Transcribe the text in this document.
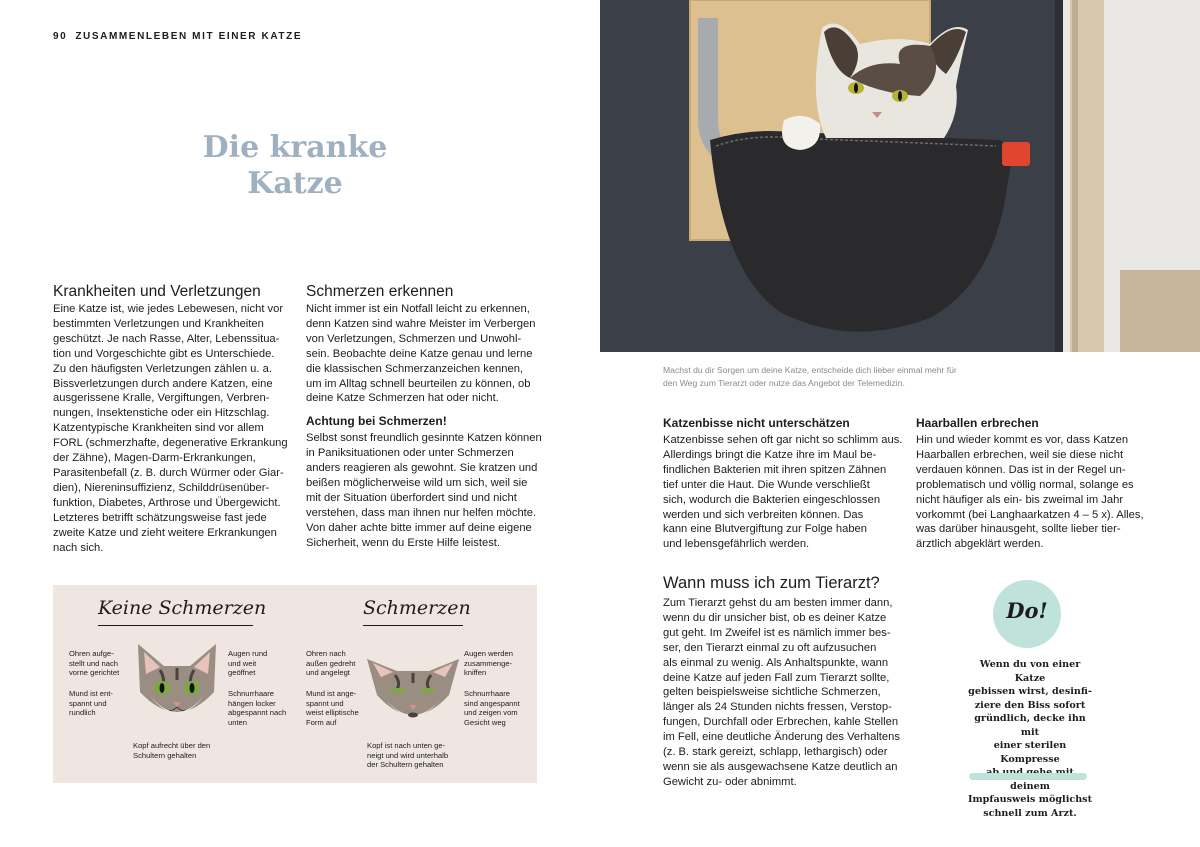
90 ZUSAMMENLEBEN MIT EINER KATZE
Die kranke Katze
Krankheiten und Verletzungen

Eine Katze ist, wie jedes Lebewesen, nicht vor
bestimmten Verletzungen und Krankheiten
geschützt. Je nach Rasse, Alter, Lebenssitua-
tion und Vorgeschichte gibt es Unterschiede.
Zu den häufigsten Verletzungen zählen u. a.
Bissverletzungen durch andere Katzen, eine
ausgerissene Kralle, Vergiftungen, Verbren-
nungen, Insektenstiche oder ein Hitzschlag.
Katzentypische Krankheiten sind vor allem
FORL (schmerzhafte, degenerative Erkrankung
der Zähne), Magen-Darm-Erkrankungen,
Parasitenbefall (z. B. durch Würmer oder Giar-
dien), Niereninsuffizienz, Schilddrüsenüber-
funktion, Diabetes, Arthrose und Übergewicht.
Letzteres betrifft schätzungsweise fast jede
zweite Katze und zieht weitere Erkrankungen
nach sich.

Schmerzen erkennen

Nicht immer ist ein Notfall leicht zu erkennen,
denn Katzen sind wahre Meister im Verbergen
von Verletzungen, Schmerzen und Unwohl-
sein. Beobachte deine Katze genau und lerne
die klassischen Schmerzanzeichen kennen,
um im Alltag schnell beurteilen zu können, ob
deine Katze Schmerzen hat oder nicht.

Achtung bei Schmerzen!

Selbst sonst freundlich gesinnte Katzen können
in Paniksituationen oder unter Schmerzen
anders reagieren als gewohnt. Sie kratzen und
beißen möglicherweise wild um sich, weil sie
mit der Situation überfordert sind und nicht
verstehen, dass man ihnen nur helfen möchte.
Von daher achte bitte immer auf deine eigene
Sicherheit, wenn du Erste Hilfe leistest.

Keine Schmerzen
Ohren aufge-
stellt und nach
vorne gerichtet
Mund ist ent-
spannt und
rundlich
Augen rund
und weit
geöffnet
Schnurrhaare
hängen locker
abgespannt nach
unten
Kopf aufrecht über den
Schultern gehalten
Schmerzen
Ohren nach
außen gedreht
und angelegt
Mund ist ange-
spannt und
weist elliptische
Form auf
Augen werden
zusammenge-
kniffen
Schnurrhaare
sind angespannt
und zeigen vom
Gesicht weg
Kopf ist nach unten ge-
neigt und wird unterhalb
der Schultern gehalten
Machst du dir Sorgen um deine Katze, entscheide dich lieber einmal mehr für
den Weg zum Tierarzt oder nutze das Angebot der Telemedizin.
Katzenbisse nicht unterschätzen

Katzenbisse sehen oft gar nicht so schlimm aus.
Allerdings bringt die Katze ihre im Maul be-
findlichen Bakterien mit ihren spitzen Zähnen
tief unter die Haut. Die Wunde verschließt
sich, wodurch die Bakterien eingeschlossen
werden und sich verbreiten können. Das
kann eine Blutvergiftung zur Folge haben
und lebensgefährlich werden.

Haarballen erbrechen

Hin und wieder kommt es vor, dass Katzen
Haarballen erbrechen, weil sie diese nicht
verdauen können. Das ist in der Regel un-
problematisch und völlig normal, solange es
nicht häufiger als ein- bis zweimal im Jahr
vorkommt (bei Langhaarkatzen 4 – 5 x). Alles,
was darüber hinausgeht, sollte lieber tier-
ärztlich abgeklärt werden.

Wann muss ich zum Tierarzt?

Zum Tierarzt gehst du am besten immer dann,
wenn du dir unsicher bist, ob es deiner Katze
gut geht. Im Zweifel ist es nämlich immer bes-
ser, den Tierarzt einmal zu oft aufzusuchen
als einmal zu wenig. Als Anhaltspunkte, wann
deine Katze auf jeden Fall zum Tierarzt sollte,
gelten beispielsweise sichtliche Schmerzen,
länger als 24 Stunden nichts fressen, Verstop-
fungen, Durchfall oder Erbrechen, kahle Stellen
im Fell, eine deutliche Änderung des Verhaltens
(z. B. stark gereizt, schlapp, lethargisch) oder
wenn sie als ausgewachsene Katze deutlich an
Gewicht zu- oder abnimmt.

Do!
Wenn du von einer Katze
gebissen wirst, desinfi-
ziere den Biss sofort
gründlich, decke ihn mit
einer sterilen Kompresse
deinem
Impfausweis möglichst
schnell zum Arzt.
